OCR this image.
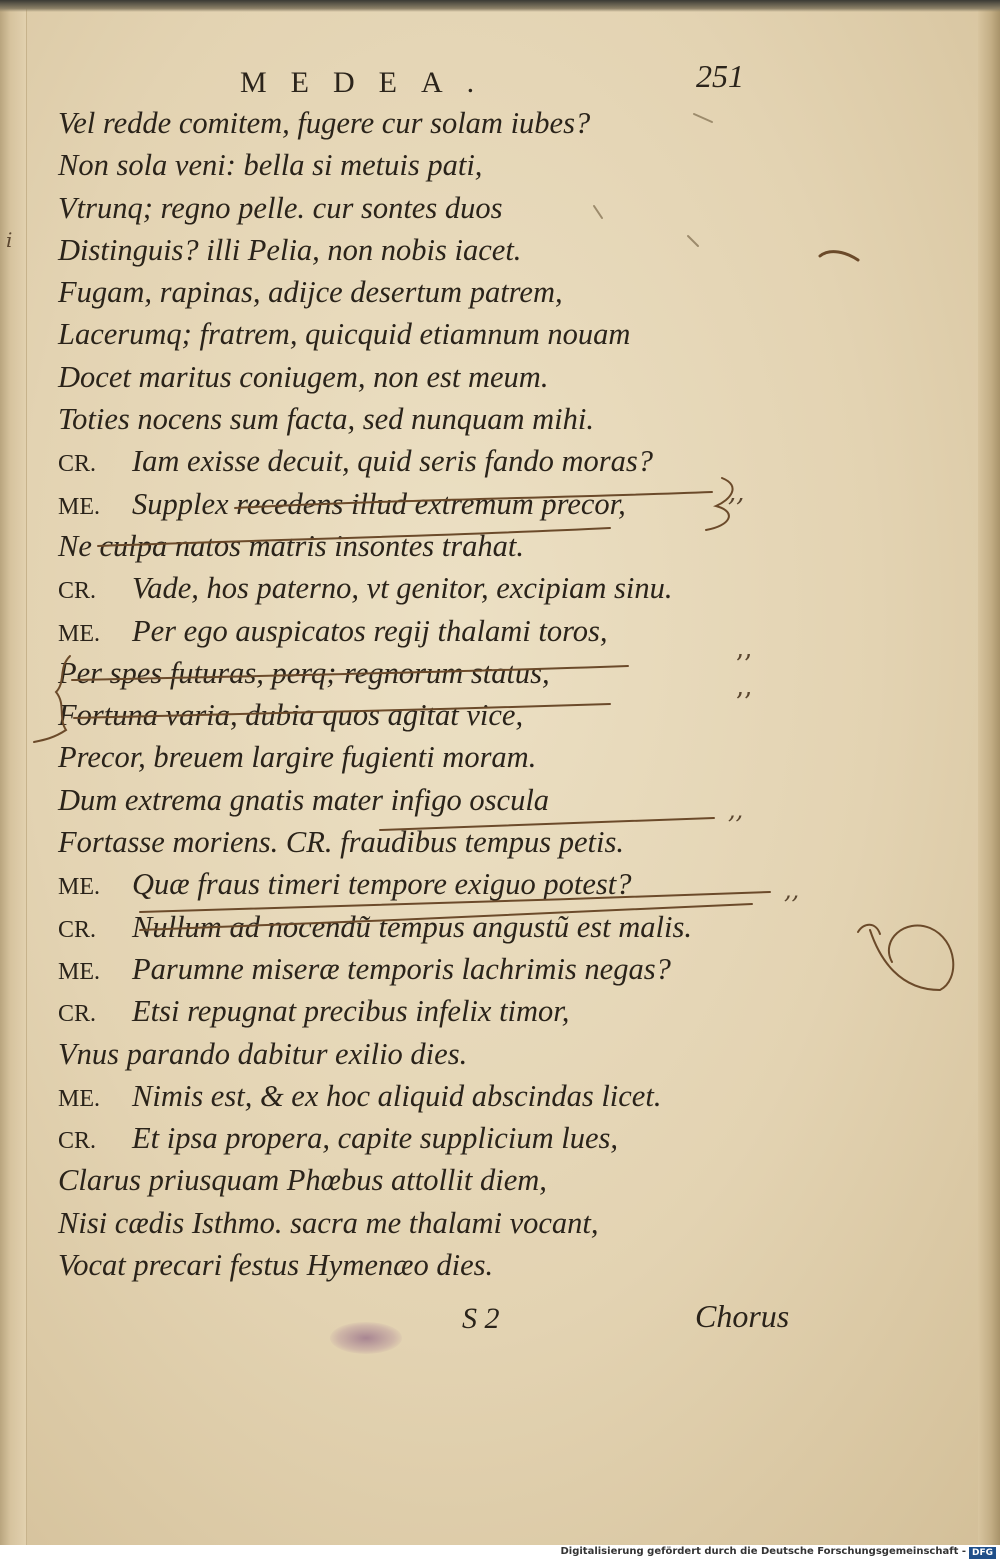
MEDEA.	251
Vel redde comitem, fugere cur solam iubes?
Non sola veni: bella si metuis pati,
Vtrunq; regno pelle. cur sontes duos
Distinguis? illi Pelia, non nobis iacet.
Fugam, rapinas, adijce desertum patrem,
Lacerumq; fratrem, quicquid etiamnum nouam
Docet maritus coniugem, non est meum.
Toties nocens sum facta, sed nunquam mihi.
CR. Iam exisse decuit, quid seris fando moras?
ME. Supplex recedens illud extremum precor,
Ne culpa natos matris insontes trahat.
CR. Vade, hos paterno, vt genitor, excipiam sinu.
ME. Per ego auspicatos regij thalami toros,
Per spes futuras, perq; regnorum status,
Fortuna varia, dubia quos agitat vice,
Precor, breuem largire fugienti moram.
Dum extrema gnatis mater infigo oscula
Fortasse moriens. CR. fraudibus tempus petis.
ME. Quæ fraus timeri tempore exiguo potest?
CR. Nullum ad nocendũ tempus angustũ est malis.
ME. Parumne miseræ temporis lachrimis negas?
CR. Etsi repugnat precibus infelix timor,
Vnus parando dabitur exilio dies.
ME. Nimis est, & ex hoc aliquid abscindas licet.
CR. Et ipsa propera, capite supplicium lues,
Clarus priusquam Phœbus attollit diem,
Nisi cædis Isthmo. sacra me thalami vocant,
Vocat precari festus Hymenæo dies.
,,
,,
,,
,,
,,
i
S 2	Chorus
Digitalisierung gefördert durch die Deutsche Forschungsgemeinschaft - DFG
